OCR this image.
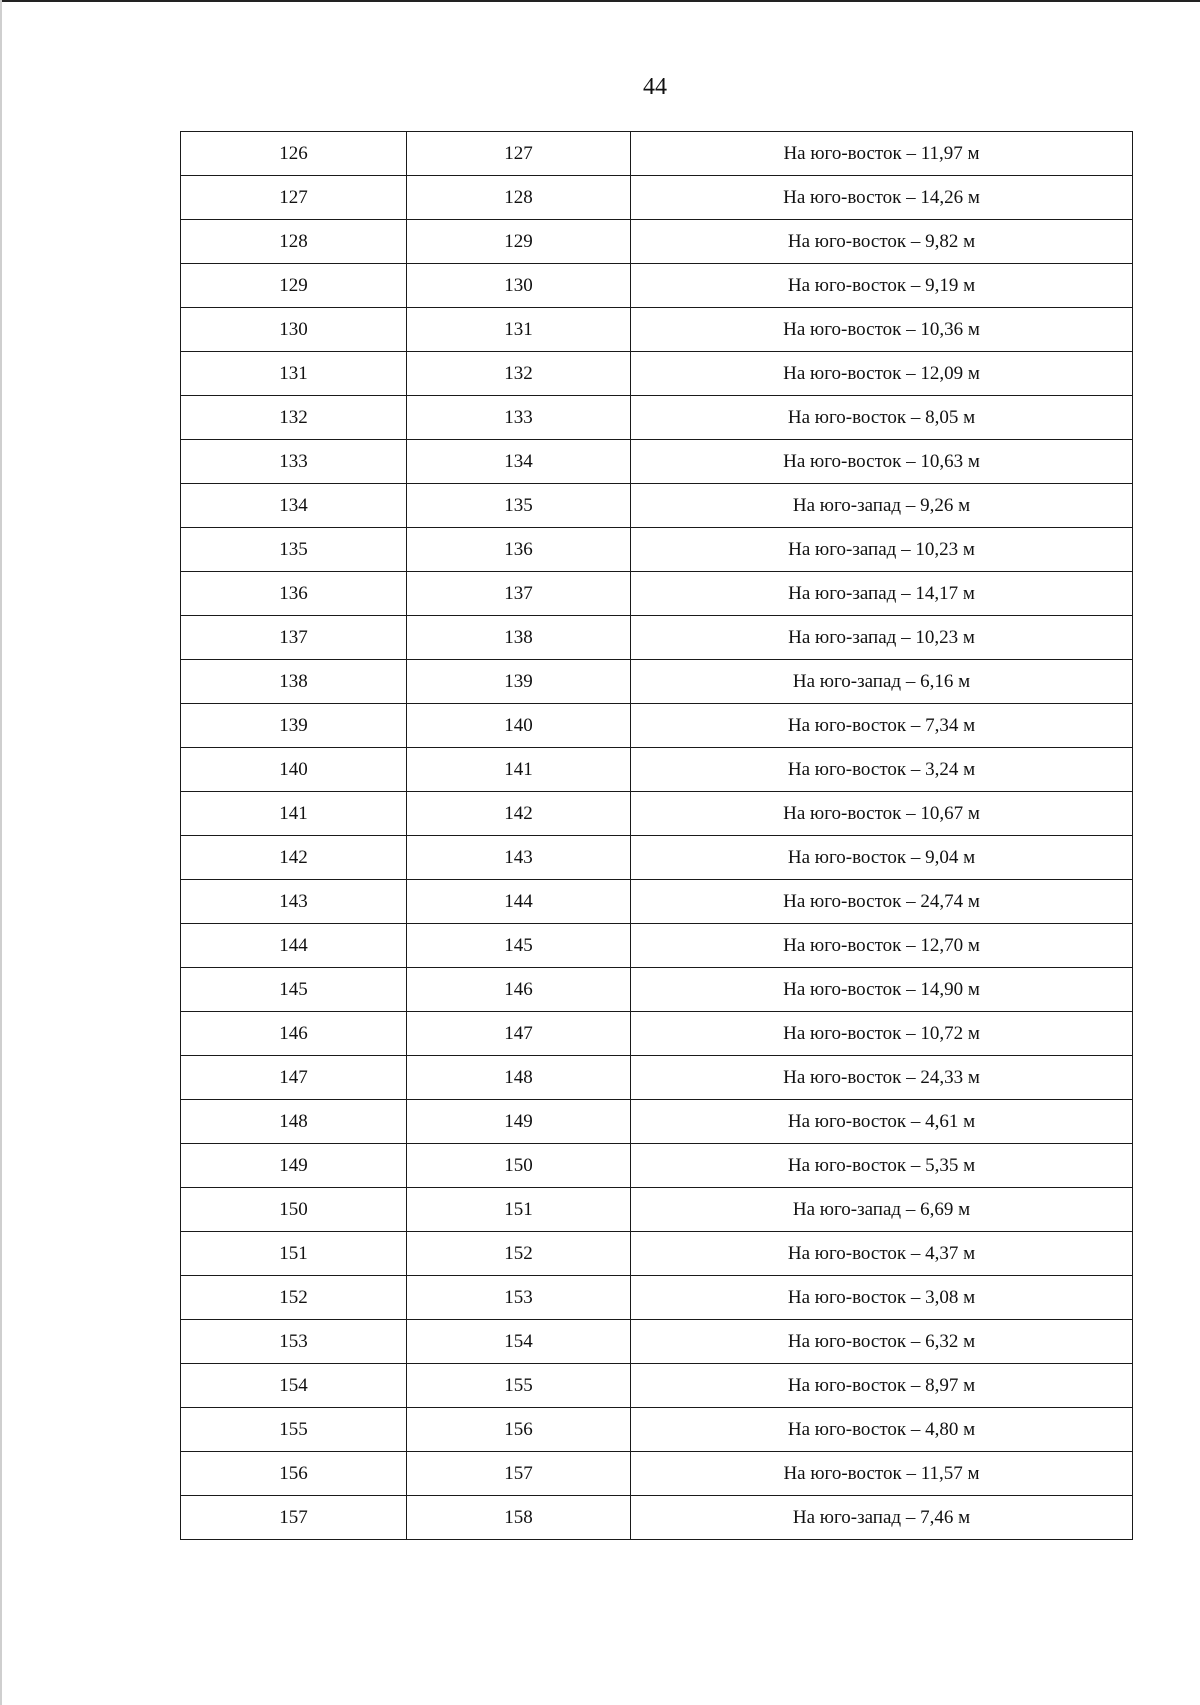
44
126	127	На юго-восток – 11,97 м
127	128	На юго-восток – 14,26 м
128	129	На юго-восток – 9,82 м
129	130	На юго-восток – 9,19 м
130	131	На юго-восток – 10,36 м
131	132	На юго-восток – 12,09 м
132	133	На юго-восток – 8,05 м
133	134	На юго-восток – 10,63 м
134	135	На юго-запад – 9,26 м
135	136	На юго-запад – 10,23 м
136	137	На юго-запад – 14,17 м
137	138	На юго-запад – 10,23 м
138	139	На юго-запад – 6,16 м
139	140	На юго-восток – 7,34 м
140	141	На юго-восток – 3,24 м
141	142	На юго-восток – 10,67 м
142	143	На юго-восток – 9,04 м
143	144	На юго-восток – 24,74 м
144	145	На юго-восток – 12,70 м
145	146	На юго-восток – 14,90 м
146	147	На юго-восток – 10,72 м
147	148	На юго-восток – 24,33 м
148	149	На юго-восток – 4,61 м
149	150	На юго-восток – 5,35 м
150	151	На юго-запад – 6,69 м
151	152	На юго-восток – 4,37 м
152	153	На юго-восток – 3,08 м
153	154	На юго-восток – 6,32 м
154	155	На юго-восток – 8,97 м
155	156	На юго-восток – 4,80 м
156	157	На юго-восток – 11,57 м
157	158	На юго-запад – 7,46 м
